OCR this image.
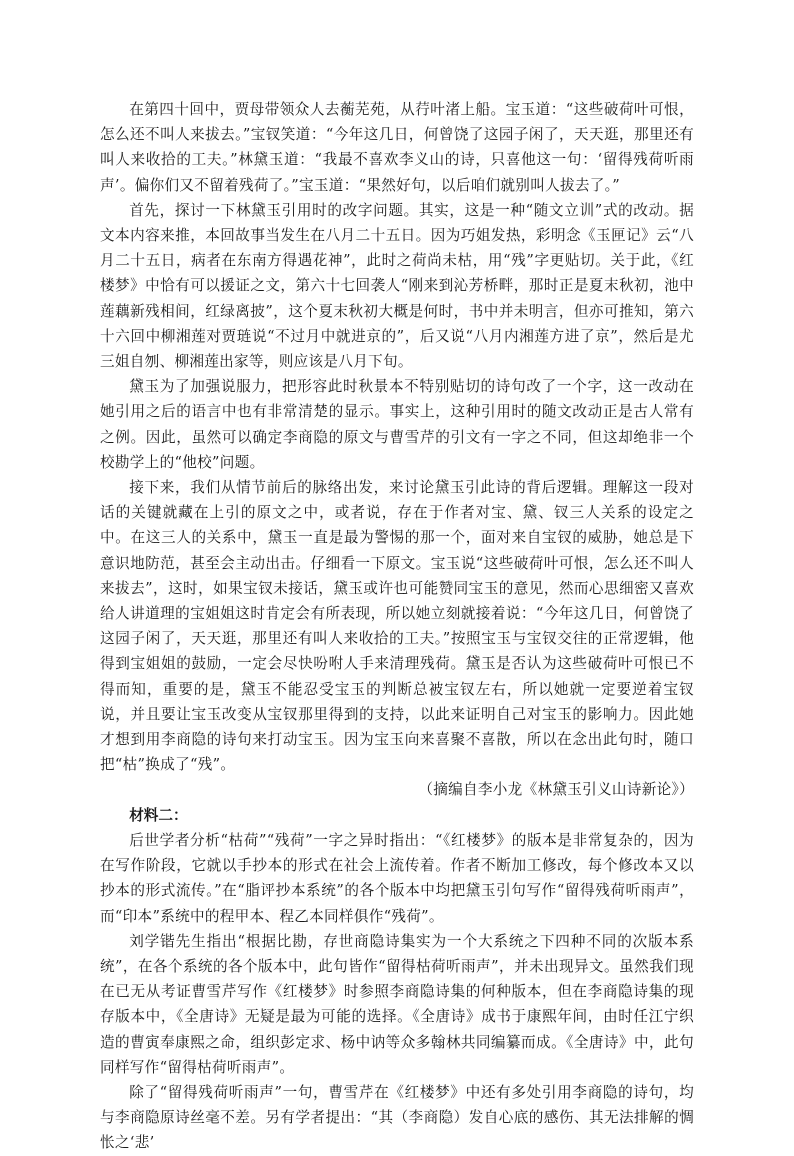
在第四十回中，贾母带领众人去蘅芜苑，从荇叶渚上船。宝玉道：“这些破荷叶可恨，怎么还不叫人来拔去。”宝钗笑道：“今年这几日，何曾饶了这园子闲了，天天逛，那里还有叫人来收拾的工夫。”林黛玉道：“我最不喜欢李义山的诗，只喜他这一句：‘留得残荷听雨声’。偏你们又不留着残荷了。”宝玉道：“果然好句，以后咱们就别叫人拔去了。”

首先，探讨一下林黛玉引用时的改字问题。其实，这是一种“随文立训”式的改动。据文本内容来推，本回故事当发生在八月二十五日。因为巧姐发热，彩明念《玉匣记》云“八月二十五日，病者在东南方得遇花神”，此时之荷尚未枯，用“残”字更贴切。关于此，《红楼梦》中恰有可以援证之文，第六十七回袭人“刚来到沁芳桥畔，那时正是夏末秋初，池中莲藕新残相间，红绿离披”，这个夏末秋初大概是何时，书中并未明言，但亦可推知，第六十六回中柳湘莲对贾琏说“不过月中就进京的”，后又说“八月内湘莲方进了京”，然后是尤三姐自刎、柳湘莲出家等，则应该是八月下旬。

黛玉为了加强说服力，把形容此时秋景本不特别贴切的诗句改了一个字，这一改动在她引用之后的语言中也有非常清楚的显示。事实上，这种引用时的随文改动正是古人常有之例。因此，虽然可以确定李商隐的原文与曹雪芹的引文有一字之不同，但这却绝非一个校勘学上的“他校”问题。

接下来，我们从情节前后的脉络出发，来讨论黛玉引此诗的背后逻辑。理解这一段对话的关键就藏在上引的原文之中，或者说，存在于作者对宝、黛、钗三人关系的设定之中。在这三人的关系中，黛玉一直是最为警惕的那一个，面对来自宝钗的威胁，她总是下意识地防范，甚至会主动出击。仔细看一下原文。宝玉说“这些破荷叶可恨，怎么还不叫人来拔去”，这时，如果宝钗未接话，黛玉或许也可能赞同宝玉的意见，然而心思细密又喜欢给人讲道理的宝姐姐这时肯定会有所表现，所以她立刻就接着说：“今年这几日，何曾饶了这园子闲了，天天逛，那里还有叫人来收拾的工夫。”按照宝玉与宝钗交往的正常逻辑，他得到宝姐姐的鼓励，一定会尽快吩咐人手来清理残荷。黛玉是否认为这些破荷叶可恨已不得而知，重要的是，黛玉不能忍受宝玉的判断总被宝钗左右，所以她就一定要逆着宝钗说，并且要让宝玉改变从宝钗那里得到的支持，以此来证明自己对宝玉的影响力。因此她才想到用李商隐的诗句来打动宝玉。因为宝玉向来喜聚不喜散，所以在念出此句时，随口把“枯”换成了“残”。

（摘编自李小龙《林黛玉引义山诗新论》）

材料二：

后世学者分析“枯荷”“残荷”一字之异时指出：“《红楼梦》的版本是非常复杂的，因为在写作阶段，它就以手抄本的形式在社会上流传着。作者不断加工修改，每个修改本又以抄本的形式流传。”在“脂评抄本系统”的各个版本中均把黛玉引句写作“留得残荷听雨声”，而“印本”系统中的程甲本、程乙本同样俱作“残荷”。

刘学锴先生指出“根据比勘，存世商隐诗集实为一个大系统之下四种不同的次版本系统”，在各个系统的各个版本中，此句皆作“留得枯荷听雨声”，并未出现异文。虽然我们现在已无从考证曹雪芹写作《红楼梦》时参照李商隐诗集的何种版本，但在李商隐诗集的现存版本中，《全唐诗》无疑是最为可能的选择。《全唐诗》成书于康熙年间，由时任江宁织造的曹寅奉康熙之命，组织彭定求、杨中讷等众多翰林共同编纂而成。《全唐诗》中，此句同样写作“留得枯荷听雨声”。

除了“留得残荷听雨声”一句，曹雪芹在《红楼梦》中还有多处引用李商隐的诗句，均与李商隐原诗丝毫不差。另有学者提出：“其（李商隐）发自心底的感伤、其无法排解的惆怅之‘悲’
